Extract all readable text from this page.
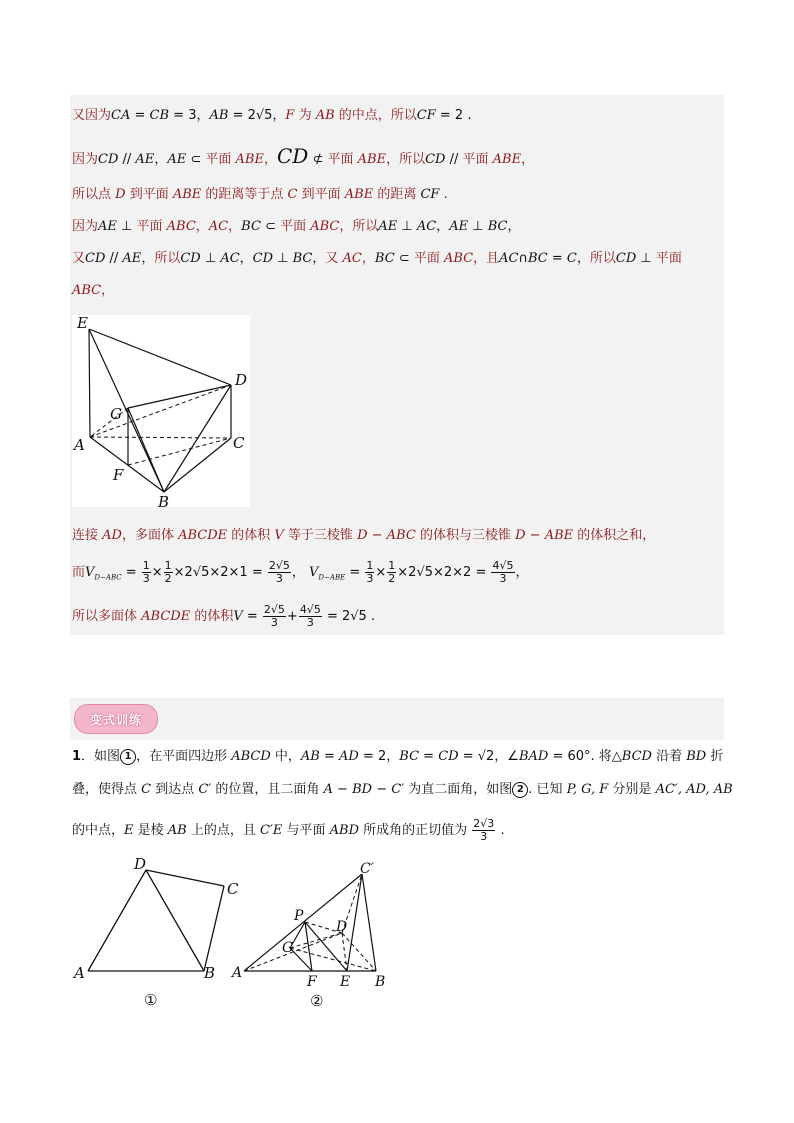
又因为CA = CB = 3，AB = 2√5，F 为 AB 的中点，所以CF = 2 .
因为CD // AE，AE ⊂ 平面 ABE，CD ⊄ 平面 ABE，所以CD // 平面 ABE，
所以点 D 到平面 ABE 的距离等于点 C 到平面 ABE 的距离 CF .
因为AE ⊥ 平面 ABC，AC，BC ⊂ 平面 ABC，所以AE ⊥ AC，AE ⊥ BC，
又CD // AE，所以CD ⊥ AC，CD ⊥ BC，又 AC，BC ⊂ 平面 ABC，且AC∩BC = C，所以CD ⊥ 平面
ABC，
E
D
G
A	C
F
B
连接 AD，多面体 ABCDE 的体积 V 等于三棱锥 D − ABC 的体积与三棱锥 D − ABE 的体积之和，
而$V_{D-ABC} = \frac{1}{3} \times \frac{1}{2} \times 2√5\times 2\times 1 = \frac{2√5}{3}$ ， $V_{D-ABE} = \frac{1}{3} \times \frac{1}{2} \times 2√5\times 2\times 2 = \frac{4√5}{3}$ ，
所以多面体 ABCDE 的体积$V = \frac{2√5}{3} + \frac{4√5}{3} = 2√5$ .
变式训练
1．如图 1 ，在平面四边形 ABCD 中，AB = AD = 2，BC = CD = √2，∠BAD = 60°. 将△BCD 沿着 BD 折
叠，使得点 C 到达点 C′ 的位置，且二面角 A − BD − C′ 为直二面角，如图 2 . 已知 P, G, F 分别是 AC′, AD, AB
的中点，E 是棱 AB 上的点，且 C′E 与平面 ABD 所成角的正切值为 $\frac{2√3}{3}$ .
D
C
A	B
①
C′
P
D
G
A
F E B
②
